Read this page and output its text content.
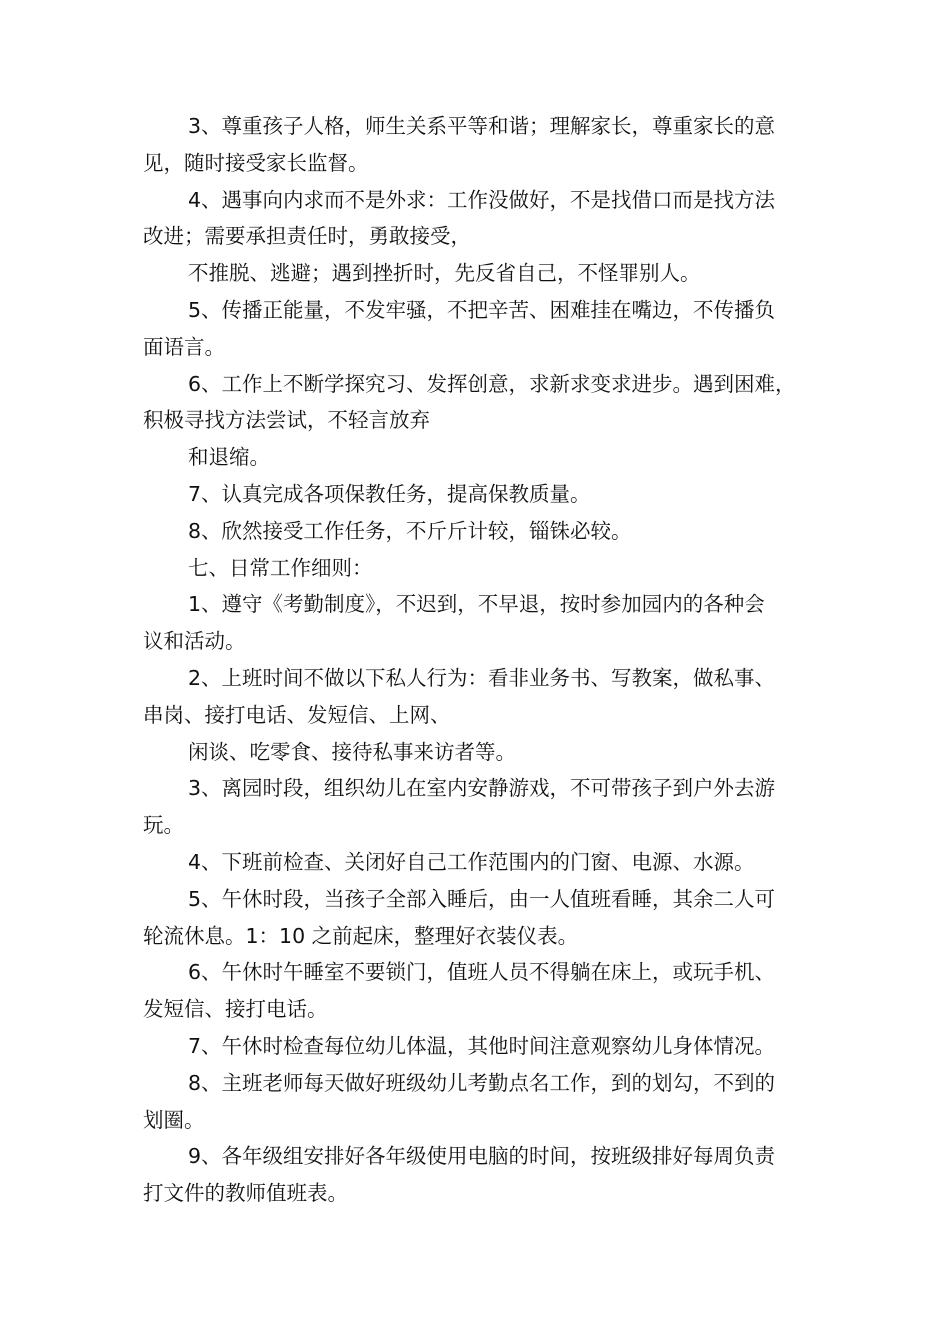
3、尊重孩子人格，师生关系平等和谐；理解家长，尊重家长的意

见，随时接受家长监督。

4、遇事向内求而不是外求：工作没做好，不是找借口而是找方法

改进；需要承担责任时，勇敢接受，

不推脱、逃避；遇到挫折时，先反省自己，不怪罪别人。

5、传播正能量，不发牢骚，不把辛苦、困难挂在嘴边，不传播负

面语言。

6、工作上不断学探究习、发挥创意，求新求变求进步。遇到困难，

积极寻找方法尝试，不轻言放弃

和退缩。

7、认真完成各项保教任务，提高保教质量。

8、欣然接受工作任务，不斤斤计较，锱铢必较。

七、日常工作细则：

1、遵守《考勤制度》，不迟到，不早退，按时参加园内的各种会

议和活动。

2、上班时间不做以下私人行为：看非业务书、写教案，做私事、

串岗、接打电话、发短信、上网、

闲谈、吃零食、接待私事来访者等。

3、离园时段，组织幼儿在室内安静游戏，不可带孩子到户外去游

玩。

4、下班前检查、关闭好自己工作范围内的门窗、电源、水源。

5、午休时段，当孩子全部入睡后，由一人值班看睡，其余二人可

轮流休息。1：10 之前起床，整理好衣装仪表。

6、午休时午睡室不要锁门，值班人员不得躺在床上，或玩手机、

发短信、接打电话。

7、午休时检查每位幼儿体温，其他时间注意观察幼儿身体情况。

8、主班老师每天做好班级幼儿考勤点名工作，到的划勾，不到的

划圈。

9、各年级组安排好各年级使用电脑的时间，按班级排好每周负责

打文件的教师值班表。
